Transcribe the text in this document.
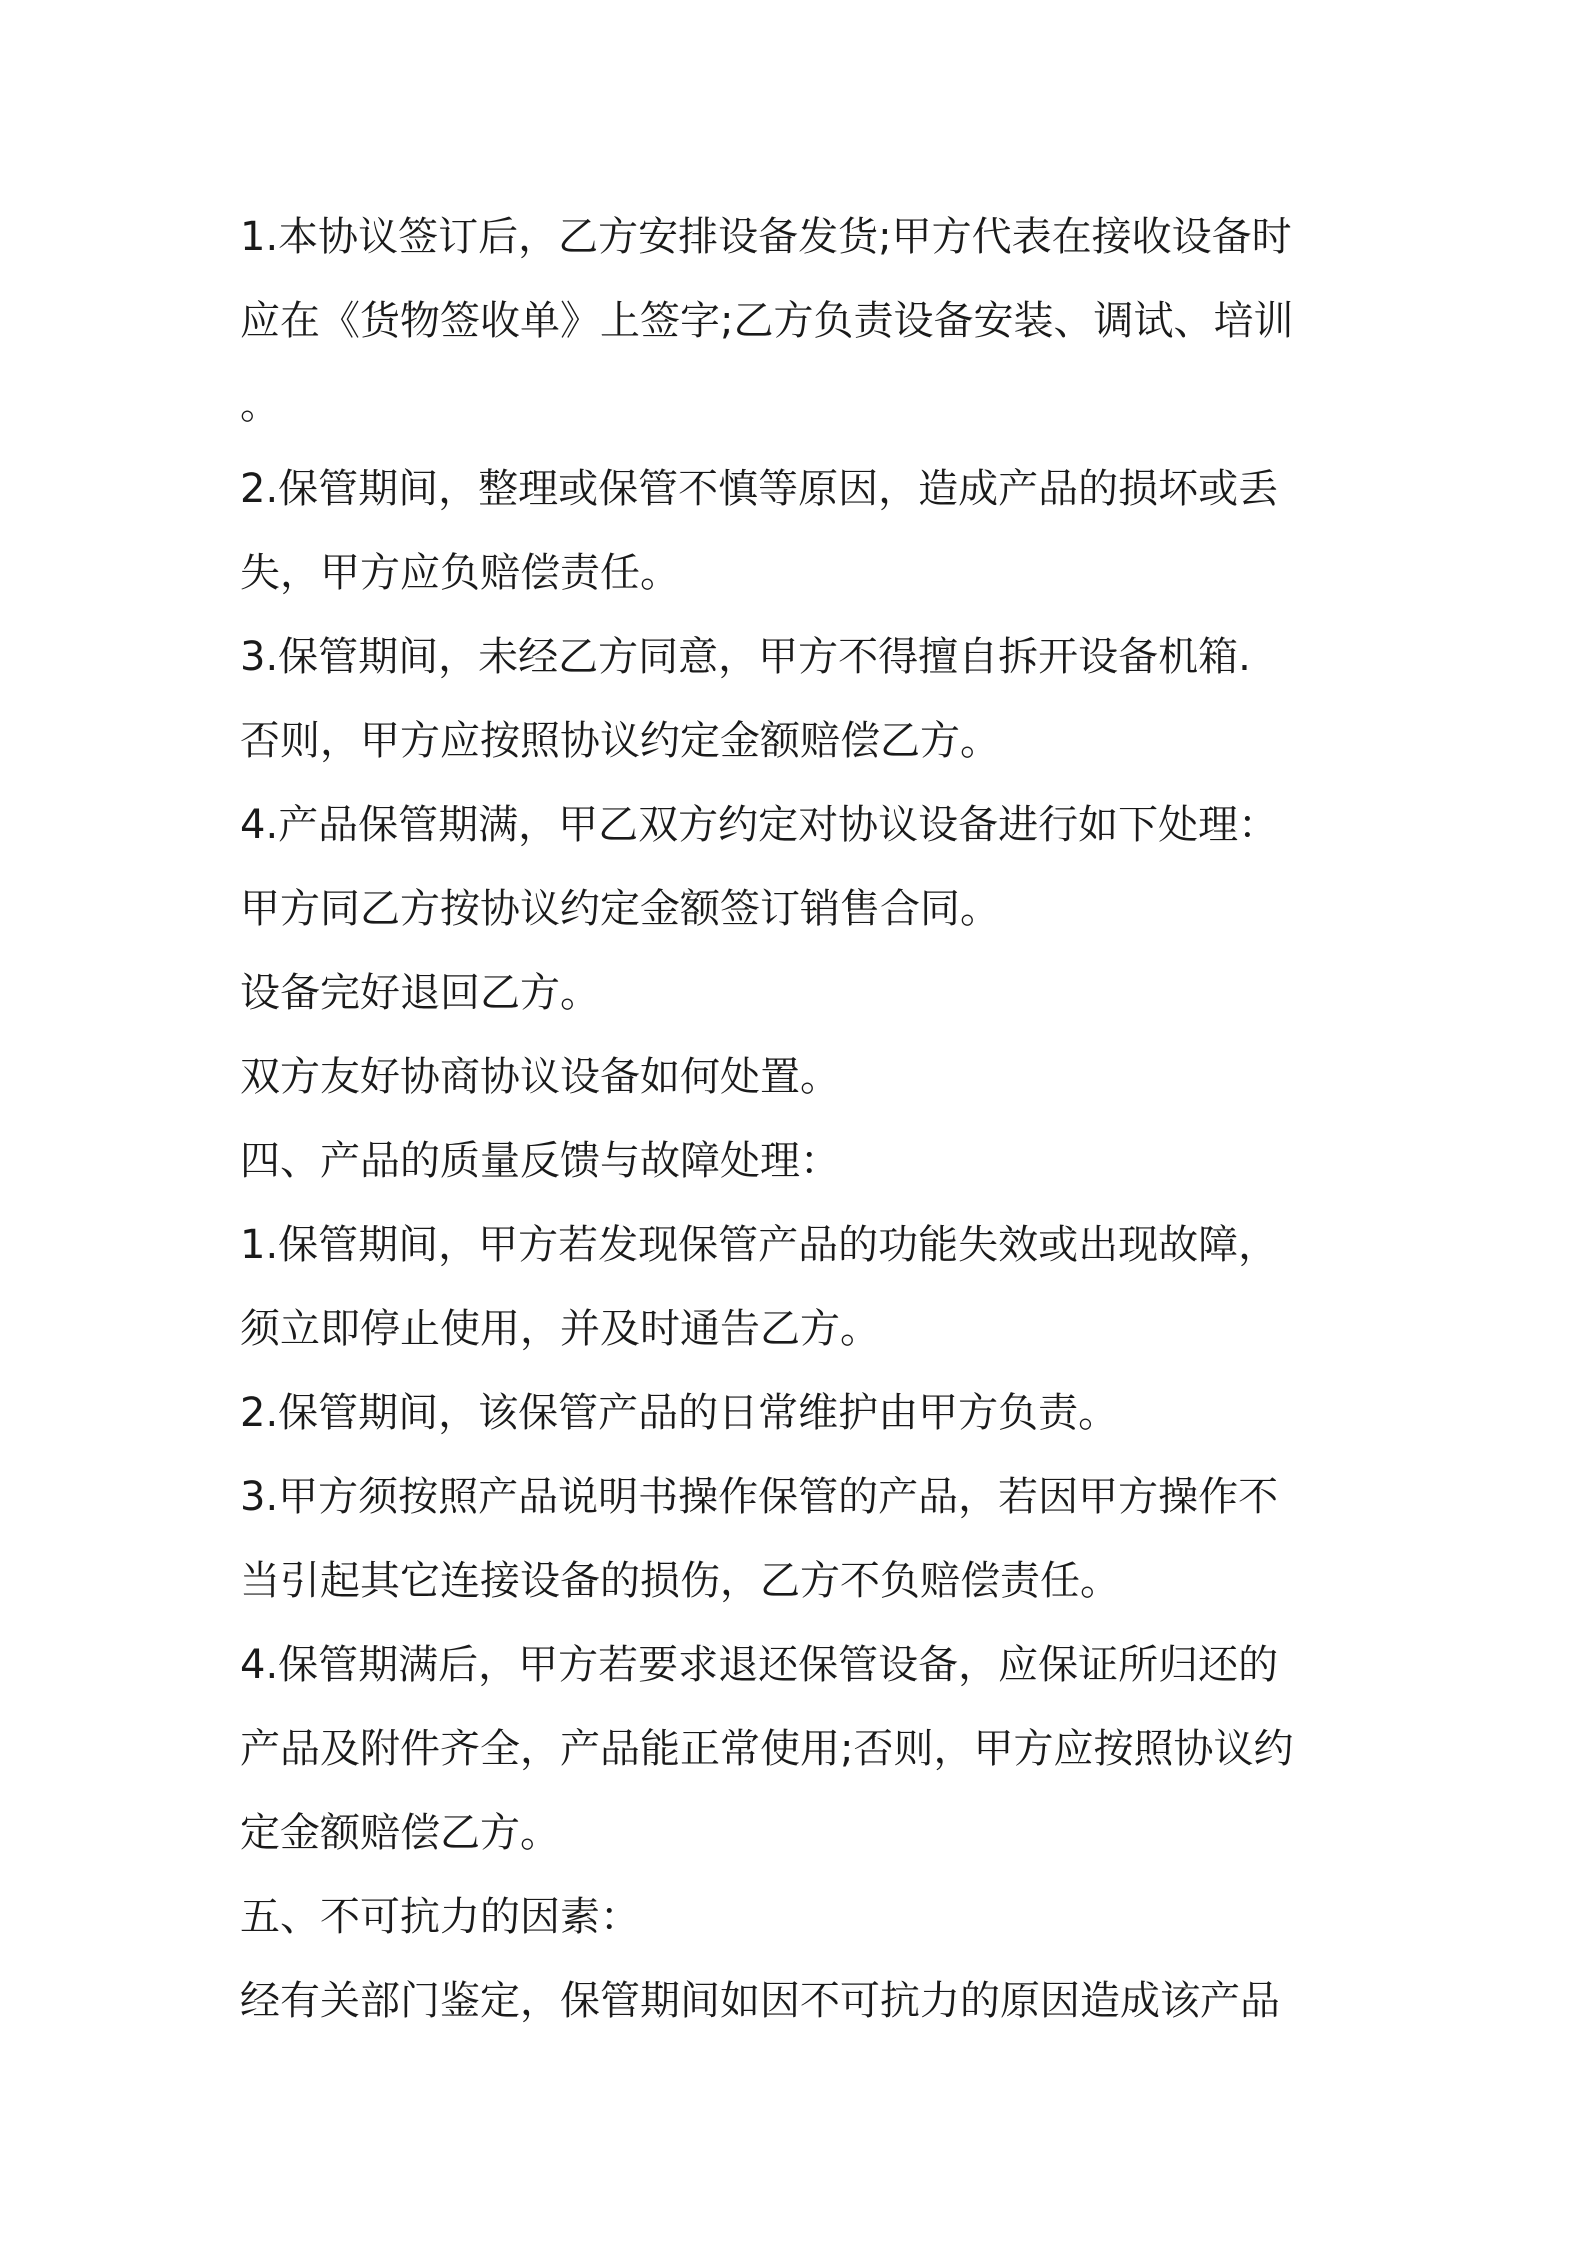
1.本协议签订后，乙方安排设备发货;甲方代表在接收设备时
应在《货物签收单》上签字;乙方负责设备安装、调试、培训
。
2.保管期间，整理或保管不慎等原因，造成产品的损坏或丢
失，甲方应负赔偿责任。
3.保管期间，未经乙方同意，甲方不得擅自拆开设备机箱.
否则，甲方应按照协议约定金额赔偿乙方。
4.产品保管期满，甲乙双方约定对协议设备进行如下处理：
甲方同乙方按协议约定金额签订销售合同。
设备完好退回乙方。
双方友好协商协议设备如何处置。
四、产品的质量反馈与故障处理：
1.保管期间，甲方若发现保管产品的功能失效或出现故障，
须立即停止使用，并及时通告乙方。
2.保管期间，该保管产品的日常维护由甲方负责。
3.甲方须按照产品说明书操作保管的产品，若因甲方操作不
当引起其它连接设备的损伤，乙方不负赔偿责任。
4.保管期满后，甲方若要求退还保管设备，应保证所归还的
产品及附件齐全，产品能正常使用;否则，甲方应按照协议约
定金额赔偿乙方。
五、不可抗力的因素：
经有关部门鉴定，保管期间如因不可抗力的原因造成该产品
